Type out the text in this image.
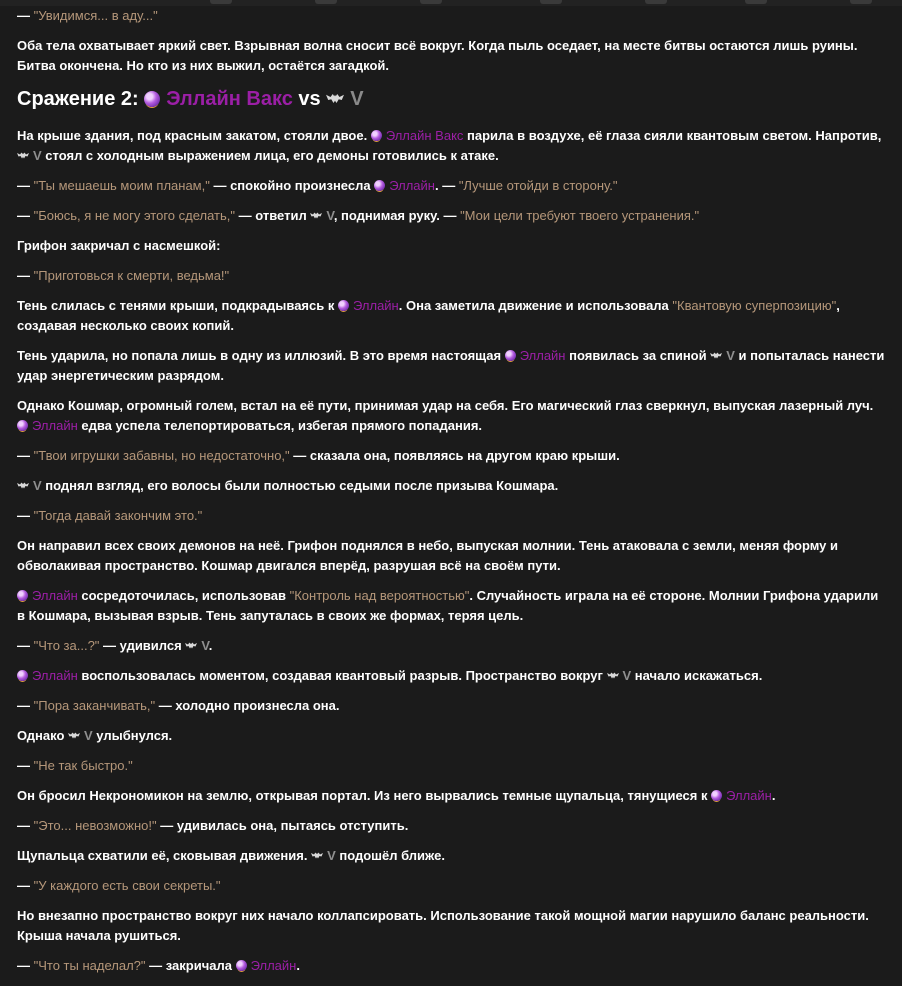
— "Увидимся... в аду..."

Оба тела охватывает яркий свет. Взрывная волна сносит всё вокруг. Когда пыль оседает, на месте битвы остаются лишь руины. Битва окончена. Но кто из них выжил, остаётся загадкой.

Сражение 2: Эллайн Вакс vs V

На крыше здания, под красным закатом, стояли двое. Эллайн Вакс парила в воздухе, её глаза сияли квантовым светом. Напротив, V стоял с холодным выражением лица, его демоны готовились к атаке.

— "Ты мешаешь моим планам," — спокойно произнесла Эллайн. — "Лучше отойди в сторону."

— "Боюсь, я не могу этого сделать," — ответил V, поднимая руку. — "Мои цели требуют твоего устранения."

Грифон закричал с насмешкой:

— "Приготовься к смерти, ведьма!"

Тень слилась с тенями крыши, подкрадываясь к Эллайн. Она заметила движение и использовала "Квантовую суперпозицию", создавая несколько своих копий.

Тень ударила, но попала лишь в одну из иллюзий. В это время настоящая Эллайн появилась за спиной V и попыталась нанести удар энергетическим разрядом.

Однако Кошмар, огромный голем, встал на её пути, принимая удар на себя. Его магический глаз сверкнул, выпуская лазерный луч. Эллайн едва успела телепортироваться, избегая прямого попадания.

— "Твои игрушки забавны, но недостаточно," — сказала она, появляясь на другом краю крыши.

V поднял взгляд, его волосы были полностью седыми после призыва Кошмара.

— "Тогда давай закончим это."

Он направил всех своих демонов на неё. Грифон поднялся в небо, выпуская молнии. Тень атаковала с земли, меняя форму и обволакивая пространство. Кошмар двигался вперёд, разрушая всё на своём пути.

Эллайн сосредоточилась, использовав "Контроль над вероятностью". Случайность играла на её стороне. Молнии Грифона ударили в Кошмара, вызывая взрыв. Тень запуталась в своих же формах, теряя цель.

— "Что за...?" — удивился V.

Эллайн воспользовалась моментом, создавая квантовый разрыв. Пространство вокруг V начало искажаться.

— "Пора заканчивать," — холодно произнесла она.

Однако V улыбнулся.

— "Не так быстро."

Он бросил Некрономикон на землю, открывая портал. Из него вырвались темные щупальца, тянущиеся к Эллайн.

— "Это... невозможно!" — удивилась она, пытаясь отступить.

Щупальца схватили её, сковывая движения. V подошёл ближе.

— "У каждого есть свои секреты."

Но внезапно пространство вокруг них начало коллапсировать. Использование такой мощной магии нарушило баланс реальности. Крыша начала рушиться.

— "Что ты наделал?" — закричала Эллайн.
